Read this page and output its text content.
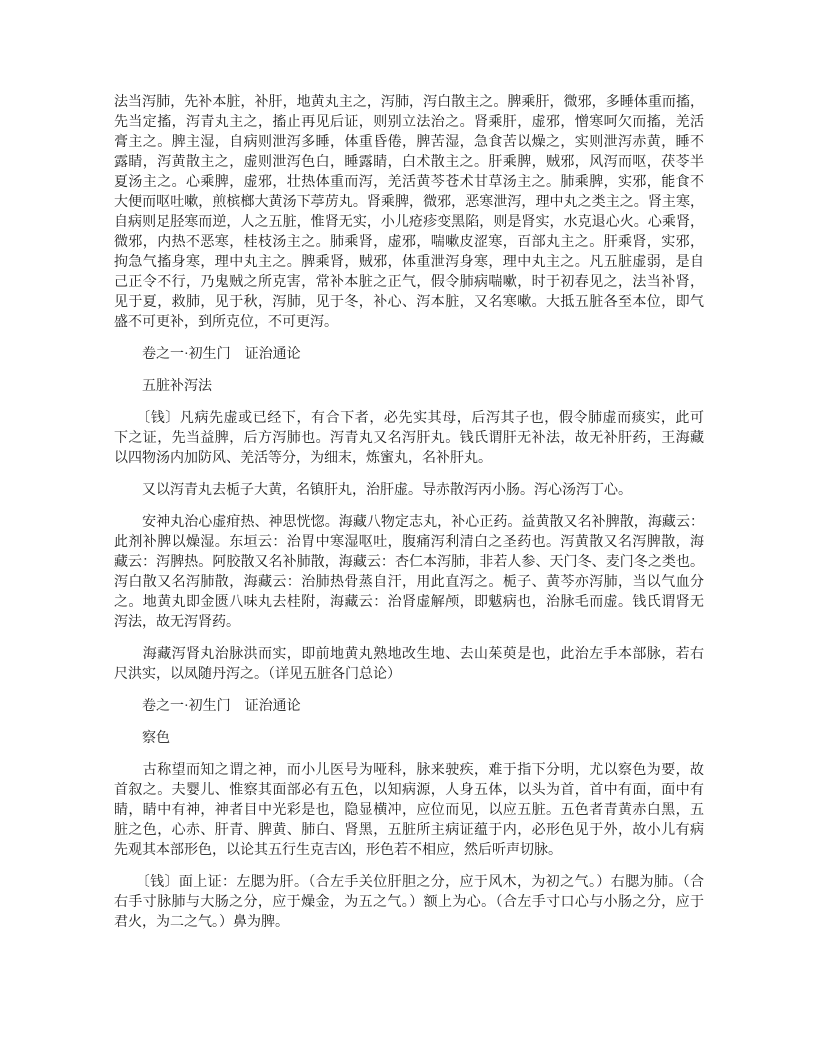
法当泻肺，先补本脏，补肝，地黄丸主之，泻肺，泻白散主之。脾乘肝，微邪，多睡体重而搐，
先当定搐，泻青丸主之，搐止再见后证，则别立法治之。肾乘肝，虚邪，憎寒呵欠而搐，羌活
膏主之。脾主湿，自病则泄泻多睡，体重昏倦，脾苦湿，急食苦以燥之，实则泄泻赤黄，睡不
露睛，泻黄散主之，虚则泄泻色白，睡露睛，白术散主之。肝乘脾，贼邪，风泻而呕，茯苓半
夏汤主之。心乘脾，虚邪，壮热体重而泻，羌活黄芩苍术甘草汤主之。肺乘脾，实邪，能食不
大便而呕吐嗽，煎槟榔大黄汤下葶苈丸。肾乘脾，微邪，恶寒泄泻，理中丸之类主之。肾主寒，
自病则足胫寒而逆，人之五脏，惟肾无实，小儿疮疹变黑陷，则是肾实，水克退心火。心乘肾，
微邪，内热不恶寒，桂枝汤主之。肺乘肾，虚邪，喘嗽皮涩寒，百部丸主之。肝乘肾，实邪，
拘急气搐身寒，理中丸主之。脾乘肾，贼邪，体重泄泻身寒，理中丸主之。凡五脏虚弱，是自
己正令不行，乃鬼贼之所克害，常补本脏之正气，假令肺病喘嗽，时于初春见之，法当补肾，
见于夏，救肺，见于秋，泻肺，见于冬，补心、泻本脏，又名寒嗽。大抵五脏各至本位，即气
盛不可更补，到所克位，不可更泻。
　　卷之一·初生门　证治通论
　　五脏补泻法
　　〔钱〕凡病先虚或已经下，有合下者，必先实其母，后泻其子也，假令肺虚而痰实，此可
下之证，先当益脾，后方泻肺也。泻青丸又名泻肝丸。钱氏谓肝无补法，故无补肝药，王海藏
以四物汤内加防风、羌活等分，为细末，炼蜜丸，名补肝丸。
　　又以泻青丸去栀子大黄，名镇肝丸，治肝虚。导赤散泻丙小肠。泻心汤泻丁心。
　　安神丸治心虚疳热、神思恍惚。海藏八物定志丸，补心正药。益黄散又名补脾散，海藏云：
此剂补脾以燥湿。东垣云：治胃中寒湿呕吐，腹痛泻利清白之圣药也。泻黄散又名泻脾散，海
藏云：泻脾热。阿胶散又名补肺散，海藏云：杏仁本泻肺，非若人参、天门冬、麦门冬之类也。
泻白散又名泻肺散，海藏云：治肺热骨蒸自汗，用此直泻之。栀子、黄芩亦泻肺，当以气血分
之。地黄丸即金匮八味丸去桂附，海藏云：治肾虚解颅，即魃病也，治脉毛而虚。钱氏谓肾无
泻法，故无泻肾药。
　　海藏泻肾丸治脉洪而实，即前地黄丸熟地改生地、去山茱萸是也，此治左手本部脉，若右
尺洪实，以凤随丹泻之。（详见五脏各门总论）
　　卷之一·初生门　证治通论
　　察色
　　古称望而知之谓之神，而小儿医号为哑科，脉来驶疾，难于指下分明，尤以察色为要，故
首叙之。夫婴儿、惟察其面部必有五色，以知病源，人身五体，以头为首，首中有面，面中有
睛，睛中有神，神者目中光彩是也，隐显横冲，应位而见，以应五脏。五色者青黄赤白黑，五
脏之色，心赤、肝青、脾黄、肺白、肾黑，五脏所主病证蕴于内，必形色见于外，故小儿有病
先观其本部形色，以论其五行生克吉凶，形色若不相应，然后听声切脉。
　　〔钱〕面上证：左腮为肝。（合左手关位肝胆之分，应于风木，为初之气。）右腮为肺。（合
右手寸脉肺与大肠之分，应于燥金，为五之气。）额上为心。（合左手寸口心与小肠之分，应于
君火，为二之气。）鼻为脾。
